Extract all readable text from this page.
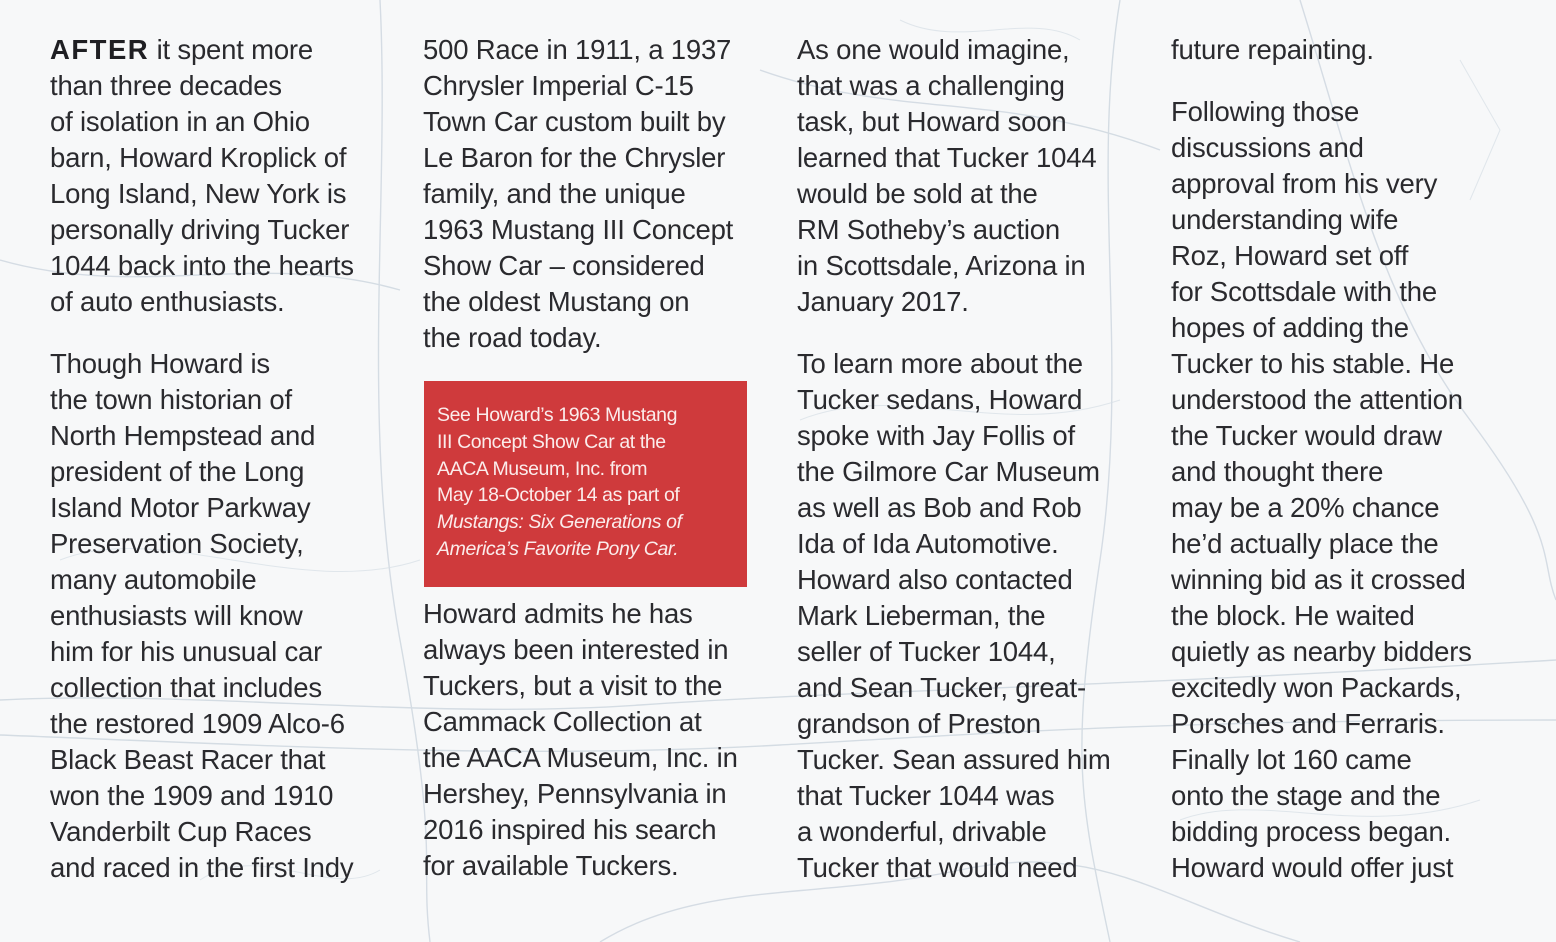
AFTER it spent more
than three decades
of isolation in an Ohio
barn, Howard Kroplick of
Long Island, New York is
personally driving Tucker
1044 back into the hearts
of auto enthusiasts.

Though Howard is
the town historian of
North Hempstead and
president of the Long
Island Motor Parkway
Preservation Society,
many automobile
enthusiasts will know
him for his unusual car
collection that includes
the restored 1909 Alco-6
Black Beast Racer that
won the 1909 and 1910
Vanderbilt Cup Races
and raced in the first Indy

500 Race in 1911, a 1937
Chrysler Imperial C-15
Town Car custom built by
Le Baron for the Chrysler
family, and the unique
1963 Mustang III Concept
Show Car – considered
the oldest Mustang on
the road today.

Howard admits he has
always been interested in
Tuckers, but a visit to the
Cammack Collection at
the AACA Museum, Inc. in
Hershey, Pennsylvania in
2016 inspired his search
for available Tuckers.

See Howard’s 1963 Mustang
III Concept Show Car at the
AACA Museum, Inc. from
May 18-October 14 as part of
Mustangs: Six Generations of
America’s Favorite Pony Car.

As one would imagine,
that was a challenging
task, but Howard soon
learned that Tucker 1044
would be sold at the
RM Sotheby’s auction
in Scottsdale, Arizona in
January 2017.

To learn more about the
Tucker sedans, Howard
spoke with Jay Follis of
the Gilmore Car Museum
as well as Bob and Rob
Ida of Ida Automotive.
Howard also contacted
Mark Lieberman, the
seller of Tucker 1044,
and Sean Tucker, great-
grandson of Preston
Tucker. Sean assured him
that Tucker 1044 was
a wonderful, drivable
Tucker that would need

future repainting.

Following those
discussions and
approval from his very
understanding wife
Roz, Howard set off
for Scottsdale with the
hopes of adding the
Tucker to his stable. He
understood the attention
the Tucker would draw
and thought there
may be a 20% chance
he’d actually place the
winning bid as it crossed
the block. He waited
quietly as nearby bidders
excitedly won Packards,
Porsches and Ferraris.
Finally lot 160 came
onto the stage and the
bidding process began.
Howard would offer just
